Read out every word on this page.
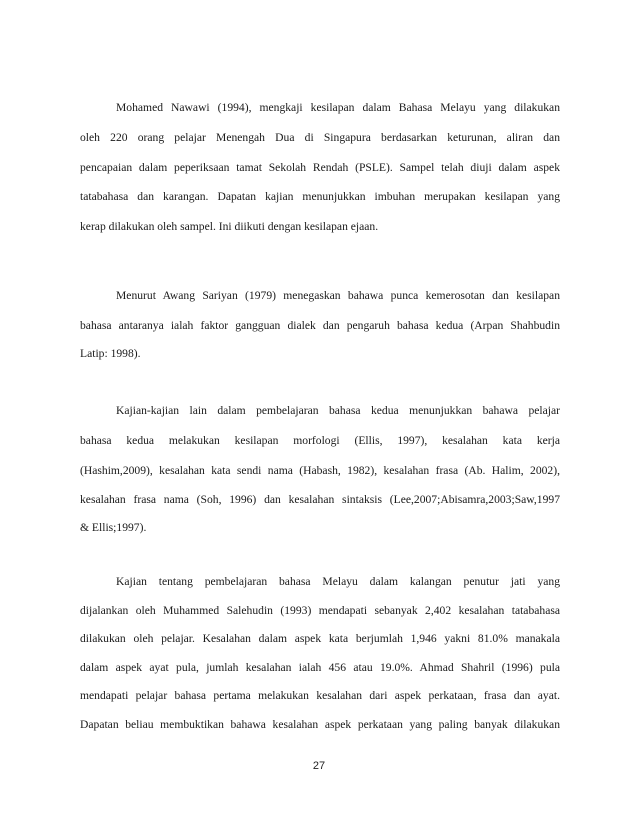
Mohamed Nawawi (1994), mengkaji kesilapan dalam Bahasa Melayu yang dilakukan
oleh 220 orang pelajar Menengah Dua di Singapura berdasarkan keturunan, aliran dan
pencapaian dalam peperiksaan tamat Sekolah Rendah (PSLE). Sampel telah diuji dalam aspek
tatabahasa dan karangan. Dapatan kajian menunjukkan imbuhan merupakan kesilapan yang
kerap dilakukan oleh sampel. Ini diikuti dengan kesilapan ejaan.
Menurut Awang Sariyan (1979) menegaskan bahawa punca kemerosotan dan kesilapan
bahasa antaranya ialah faktor gangguan dialek dan pengaruh bahasa kedua (Arpan Shahbudin
Latip: 1998).
Kajian-kajian lain dalam pembelajaran bahasa kedua menunjukkan bahawa pelajar
bahasa kedua melakukan kesilapan morfologi (Ellis, 1997), kesalahan kata kerja
(Hashim,2009), kesalahan kata sendi nama (Habash, 1982), kesalahan frasa (Ab. Halim, 2002),
kesalahan frasa nama (Soh, 1996) dan kesalahan sintaksis (Lee,2007;Abisamra,2003;Saw,1997
& Ellis;1997).
Kajian tentang pembelajaran bahasa Melayu dalam kalangan penutur jati yang
dijalankan oleh Muhammed Salehudin (1993) mendapati sebanyak 2,402 kesalahan tatabahasa
dilakukan oleh pelajar. Kesalahan dalam aspek kata berjumlah 1,946 yakni 81.0% manakala
dalam aspek ayat pula, jumlah kesalahan ialah 456 atau 19.0%. Ahmad Shahril (1996) pula
mendapati pelajar bahasa pertama melakukan kesalahan dari aspek perkataan, frasa dan ayat.
Dapatan beliau membuktikan bahawa kesalahan aspek perkataan yang paling banyak dilakukan
27
